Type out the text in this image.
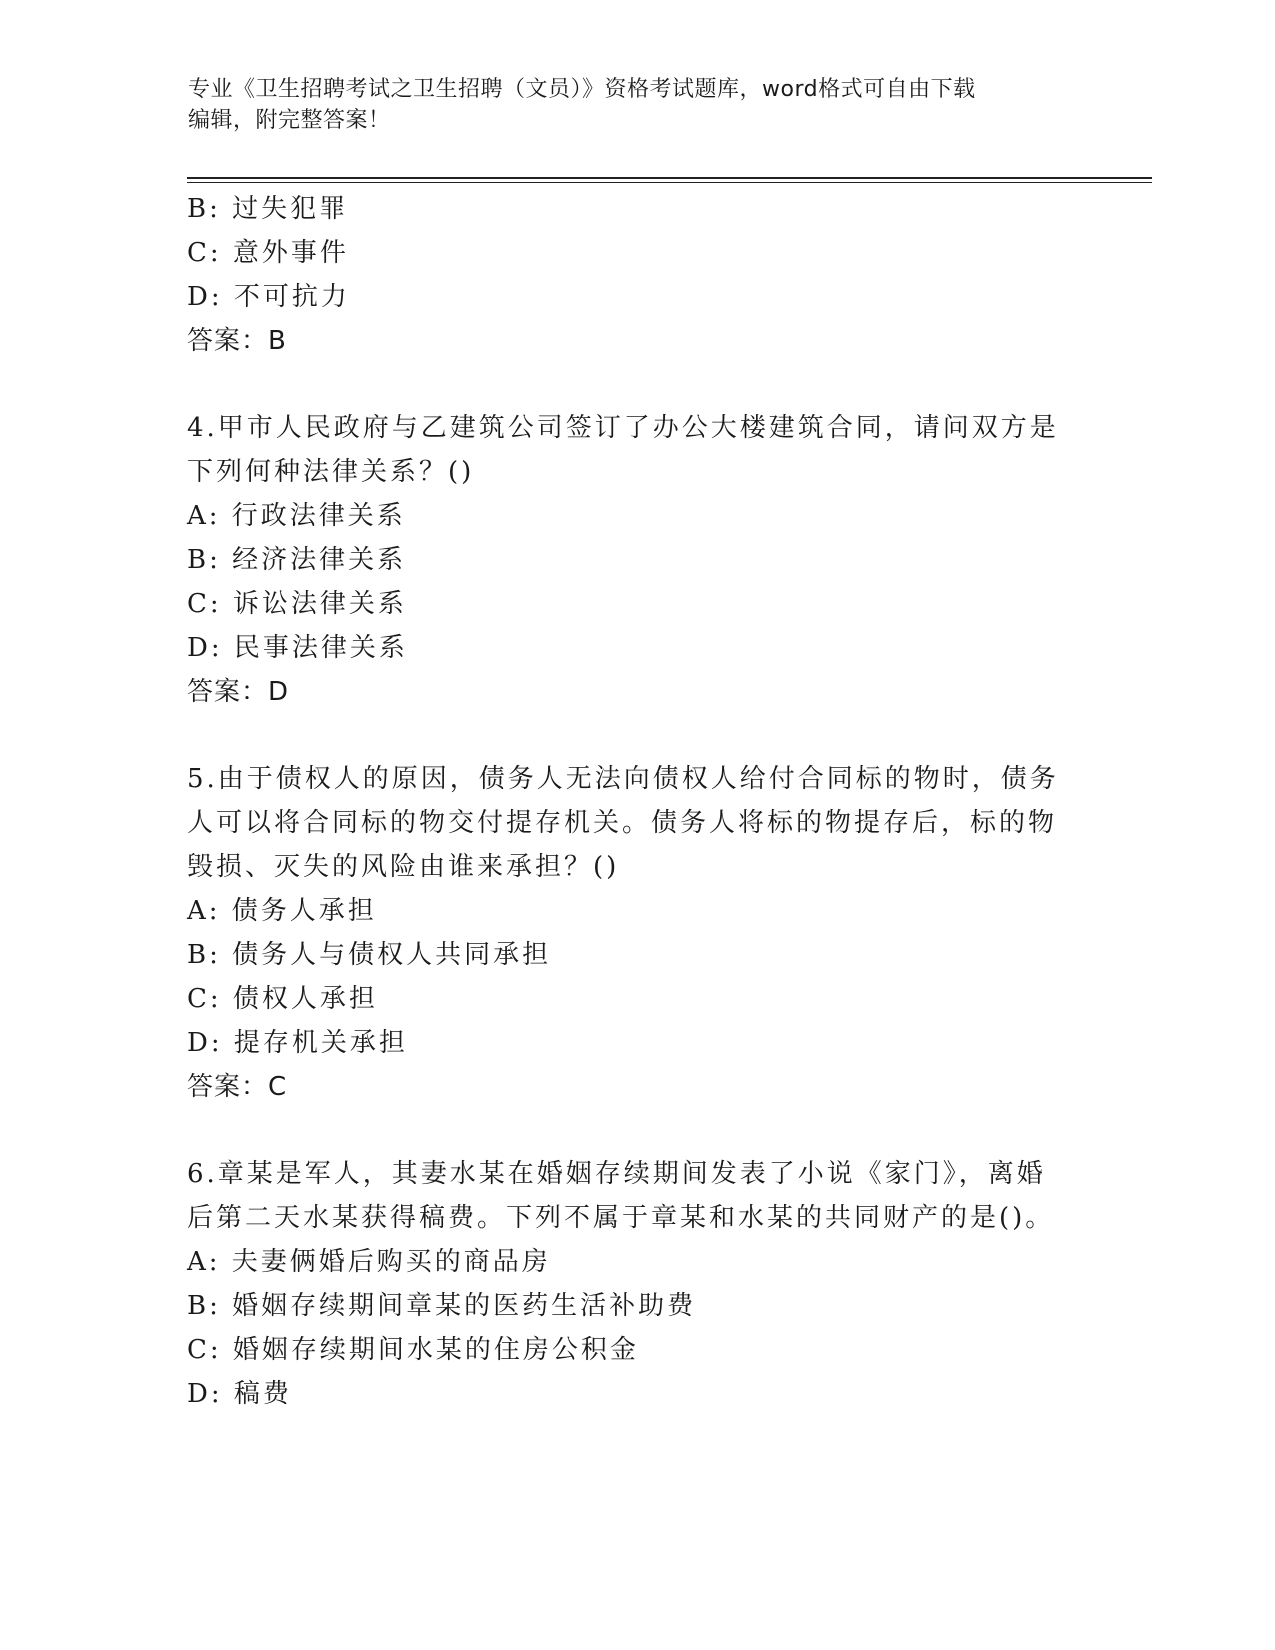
专业《卫生招聘考试之卫生招聘（文员）》资格考试题库，word格式可自由下载
编辑，附完整答案！
B: 过失犯罪
C: 意外事件
D: 不可抗力
答案：B
4.甲市人民政府与乙建筑公司签订了办公大楼建筑合同，请问双方是
下列何种法律关系？()
A: 行政法律关系
B: 经济法律关系
C: 诉讼法律关系
D: 民事法律关系
答案：D
5.由于债权人的原因，债务人无法向债权人给付合同标的物时，债务
人可以将合同标的物交付提存机关。债务人将标的物提存后，标的物
毁损、灭失的风险由谁来承担？()
A: 债务人承担
B: 债务人与债权人共同承担
C: 债权人承担
D: 提存机关承担
答案：C
6.章某是军人，其妻水某在婚姻存续期间发表了小说《家门》，离婚
后第二天水某获得稿费。下列不属于章某和水某的共同财产的是()。
A: 夫妻俩婚后购买的商品房
B: 婚姻存续期间章某的医药生活补助费
C: 婚姻存续期间水某的住房公积金
D: 稿费
